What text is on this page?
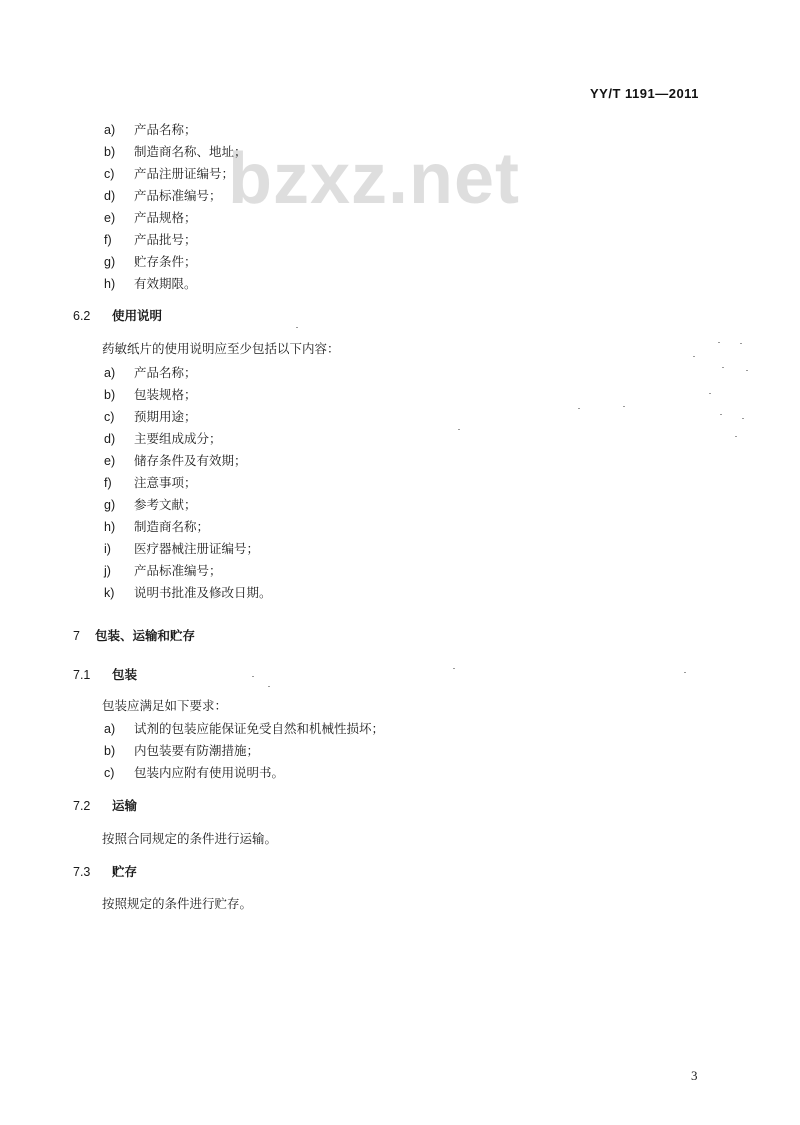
YY/T 1191—2011
bzxz.net
a) 产品名称；
b) 制造商名称、地址；
c) 产品注册证编号；
d) 产品标准编号；
e) 产品规格；
f) 产品批号；
g) 贮存条件；
h) 有效期限。
6.2 使用说明
药敏纸片的使用说明应至少包括以下内容：
a) 产品名称；
b) 包装规格；
c) 预期用途；
d) 主要组成成分；
e) 储存条件及有效期；
f) 注意事项；
g) 参考文献；
h) 制造商名称；
i) 医疗器械注册证编号；
j) 产品标准编号；
k) 说明书批准及修改日期。
7 包装、运输和贮存
7.1 包装
包装应满足如下要求：
a) 试剂的包装应能保证免受自然和机械性损坏；
b) 内包装要有防潮措施；
c) 包装内应附有使用说明书。
7.2 运输
按照合同规定的条件进行运输。
7.3 贮存
按照规定的条件进行贮存。
3
